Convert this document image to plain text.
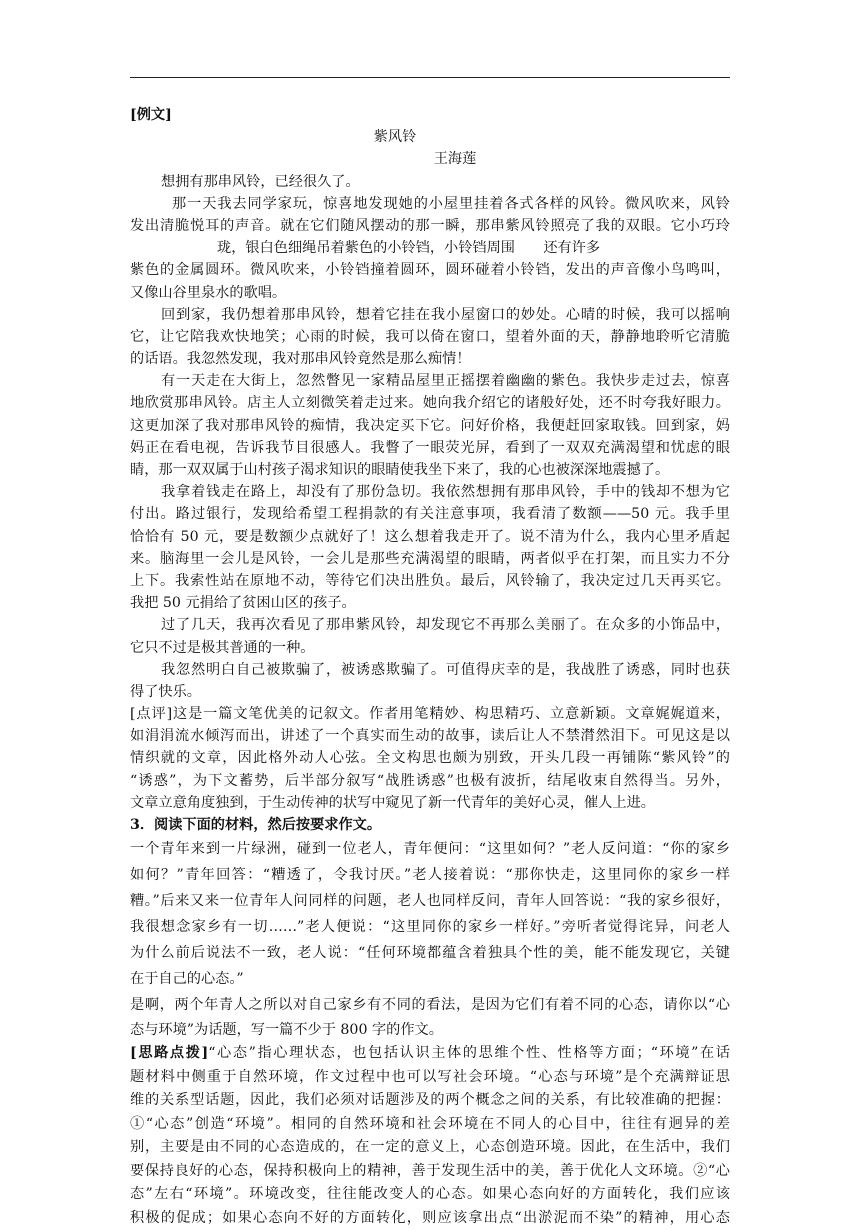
[例文]
紫风铃
王海莲
想拥有那串风铃，已经很久了。
那一天我去同学家玩，惊喜地发现她的小屋里挂着各式各样的风铃。微风吹来，风铃
发出清脆悦耳的声音。就在它们随风摆动的那一瞬，那串紫风铃照亮了我的双眼。它小巧玲
珑，银白色细绳吊着紫色的小铃铛，小铃铛周围　　还有许多
紫色的金属圆环。微风吹来，小铃铛撞着圆环，圆环碰着小铃铛，发出的声音像小鸟鸣叫，
又像山谷里泉水的歌唱。
回到家，我仍想着那串风铃，想着它挂在我小屋窗口的妙处。心晴的时候，我可以摇响
它，让它陪我欢快地笑；心雨的时候，我可以倚在窗口，望着外面的天，静静地聆听它清脆
的话语。我忽然发现，我对那串风铃竟然是那么痴情！
有一天走在大街上，忽然瞥见一家精品屋里正摇摆着幽幽的紫色。我快步走过去，惊喜
地欣赏那串风铃。店主人立刻微笑着走过来。她向我介绍它的诸般好处，还不时夸我好眼力。
这更加深了我对那串风铃的痴情，我决定买下它。问好价格，我便赶回家取钱。回到家，妈
妈正在看电视，告诉我节目很感人。我瞥了一眼荧光屏，看到了一双双充满渴望和忧虑的眼
睛，那一双双属于山村孩子渴求知识的眼睛使我坐下来了，我的心也被深深地震撼了。
我拿着钱走在路上，却没有了那份急切。我依然想拥有那串风铃，手中的钱却不想为它
付出。路过银行，发现给希望工程捐款的有关注意事项，我看清了数额——50 元。我手里
恰恰有 50 元，要是数额少点就好了！这么想着我走开了。说不清为什么，我内心里矛盾起
来。脑海里一会儿是风铃，一会儿是那些充满渴望的眼睛，两者似乎在打架，而且实力不分
上下。我索性站在原地不动，等待它们决出胜负。最后，风铃输了，我决定过几天再买它。
我把 50 元捐给了贫困山区的孩子。
过了几天，我再次看见了那串紫风铃，却发现它不再那么美丽了。在众多的小饰品中，
它只不过是极其普通的一种。
我忽然明白自己被欺骗了，被诱惑欺骗了。可值得庆幸的是，我战胜了诱惑，同时也获
得了快乐。
[点评]这是一篇文笔优美的记叙文。作者用笔精妙、构思精巧、立意新颖。文章娓娓道来，
如涓涓流水倾泻而出，讲述了一个真实而生动的故事，读后让人不禁潸然泪下。可见这是以
情织就的文章，因此格外动人心弦。全文构思也颇为别致，开头几段一再铺陈“紫风铃”的
“诱惑”，为下文蓄势，后半部分叙写“战胜诱惑”也极有波折，结尾收束自然得当。另外，
文章立意角度独到，于生动传神的状写中窥见了新一代青年的美好心灵，催人上进。
3．阅读下面的材料，然后按要求作文。
一个青年来到一片绿洲，碰到一位老人，青年便问：“这里如何？”老人反问道：“你的家乡
如何？”青年回答：“糟透了，令我讨厌。”老人接着说：“那你快走，这里同你的家乡一样
糟。”后来又来一位青年人问同样的问题，老人也同样反问，青年人回答说：“我的家乡很好，
我很想念家乡有一切……”老人便说：“这里同你的家乡一样好。”旁听者觉得诧异，问老人
为什么前后说法不一致，老人说：“任何环境都蕴含着独具个性的美，能不能发现它，关键
在于自己的心态。”
是啊，两个年青人之所以对自己家乡有不同的看法，是因为它们有着不同的心态，请你以“心
态与环境”为话题，写一篇不少于 800 字的作文。
[思路点拨]“心态”指心理状态，也包括认识主体的思维个性、性格等方面；“环境”在话
题材料中侧重于自然环境，作文过程中也可以写社会环境。“心态与环境”是个充满辩证思
维的关系型话题，因此，我们必须对话题涉及的两个概念之间的关系，有比较准确的把握：
①“心态”创造“环境”。相同的自然环境和社会环境在不同人的心目中，往往有迥异的差
别，主要是由不同的心态造成的，在一定的意义上，心态创造环境。因此，在生活中，我们
要保持良好的心态，保持积极向上的精神，善于发现生活中的美，善于优化人文环境。②“心
态”左右“环境”。环境改变，往往能改变人的心态。如果心态向好的方面转化，我们应该
积极的促成；如果心态向不好的方面转化，则应该拿出点“出淤泥而不染”的精神，用心态
